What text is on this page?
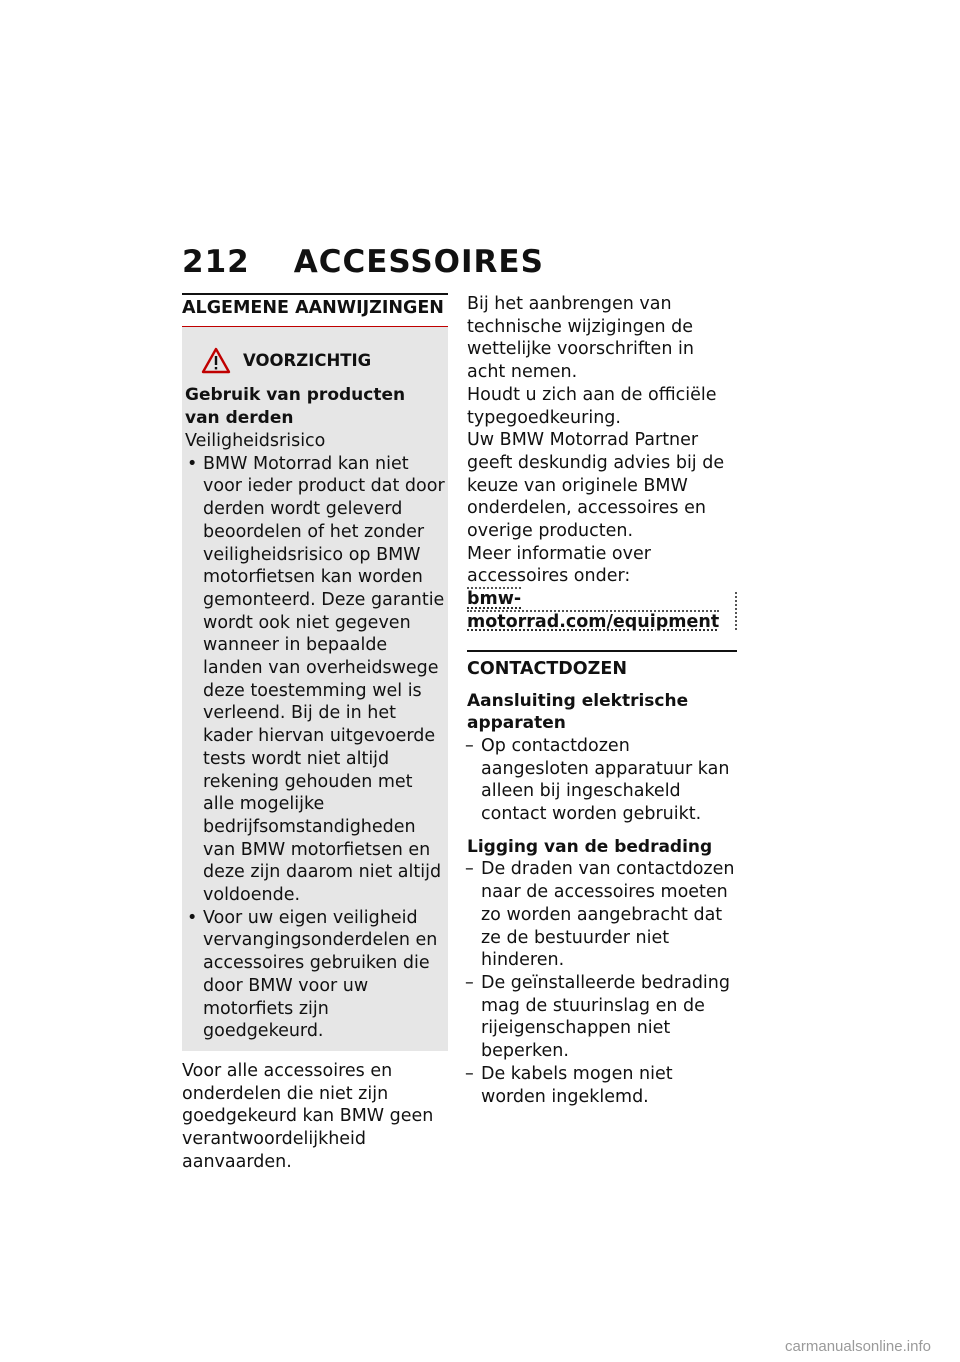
212 ACCESSOIRES
ALGEMENE AANWIJZINGEN
VOORZICHTIG
Gebruik van producten van derden
Veiligheidsrisico
• BMW Motorrad kan niet voor ieder product dat door derden wordt geleverd beoordelen of het zonder veiligheidsrisico op BMW motorfietsen kan worden gemonteerd. Deze garantie wordt ook niet gegeven wanneer in bepaalde landen van overheidswege deze toestemming wel is verleend. Bij de in het kader hiervan uitgevoerde tests wordt niet altijd rekening gehouden met alle mogelijke bedrijfsomstandigheden van BMW motorfietsen en deze zijn daarom niet altijd voldoende.
• Voor uw eigen veiligheid vervangingsonderdelen en accessoires gebruiken die door BMW voor uw motorfiets zijn goedgekeurd.
Voor alle accessoires en onderdelen die niet zijn goedgekeurd kan BMW geen verantwoordelijkheid aanvaarden.
Bij het aanbrengen van technische wijzigingen de wettelijke voorschriften in acht nemen.
Houdt u zich aan de officiële typegoedkeuring.
Uw BMW Motorrad Partner geeft deskundig advies bij de keuze van originele BMW onderdelen, accessoires en overige producten.
Meer informatie over accessoires onder:
bmw-motorrad.com/equipment
CONTACTDOZEN
Aansluiting elektrische apparaten
– Op contactdozen aangesloten apparatuur kan alleen bij ingeschakeld contact worden gebruikt.
Ligging van de bedrading
– De draden van contactdozen naar de accessoires moeten zo worden aangebracht dat ze de bestuurder niet hinderen.
– De geïnstalleerde bedrading mag de stuurinslag en de rijeigenschappen niet beperken.
– De kabels mogen niet worden ingeklemd.
carmanualsonline.info
